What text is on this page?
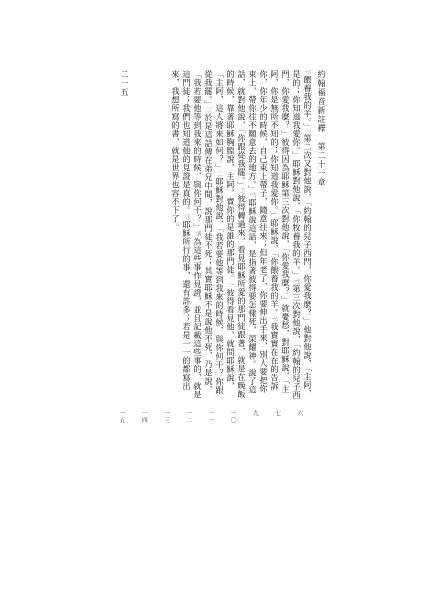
約翰福音新註釋　第二十一章
二一五	一六餵養我的羊。」 第二次又對他說，「約翰的兒子西門，你愛我麼？」他對他說，「主阿，是的；你知道我愛你。」耶穌對他說，「你牧養我的羊。」一七第三次對他說，「約翰的兒子西門，你愛我麼？」彼得因為耶穌第三次對他說，「你愛我麼？」就憂愁，對耶穌說，「主阿，你是無所不知的；你知道我愛你。」耶穌說，「你餵養我的羊。一八我實實在在的告訴你，你年少的時候，自己束上帶子，隨意往來；但年老了，你要伸出手來，別人要把你束上，帶你往不願意去的地方。」一九耶穌說這話，是指著彼得要怎樣死，榮耀神。說了這話，就對他說，「你跟從我罷。」二〇彼得轉過來，看見耶穌所愛的那門徒跟著，就是在晚飯的時候，靠著耶穌胸膛說，主阿，賣你的是誰的那門徒。二一彼得看見他，就問耶穌說，「主阿，這人將來如何？」二二耶穌對他說，「我若要他等到我來的時候，與你何干？你跟從我罷。」二三於是這話傳在弟兄中間，說那門徒不死；其實耶穌不是說他不死，乃是說，「我若要他等到我來的時候，與你何干？」二四為這些事作見證，並且記載這些事的，就是這門徒；我們也知道他的見證是真的。二五耶穌所行的事，還有許多；若是一一的都寫出來，我想所寫的書，就是世界也容不下了。

一五	一四	一三	一二	一一	一〇	九	七	六
